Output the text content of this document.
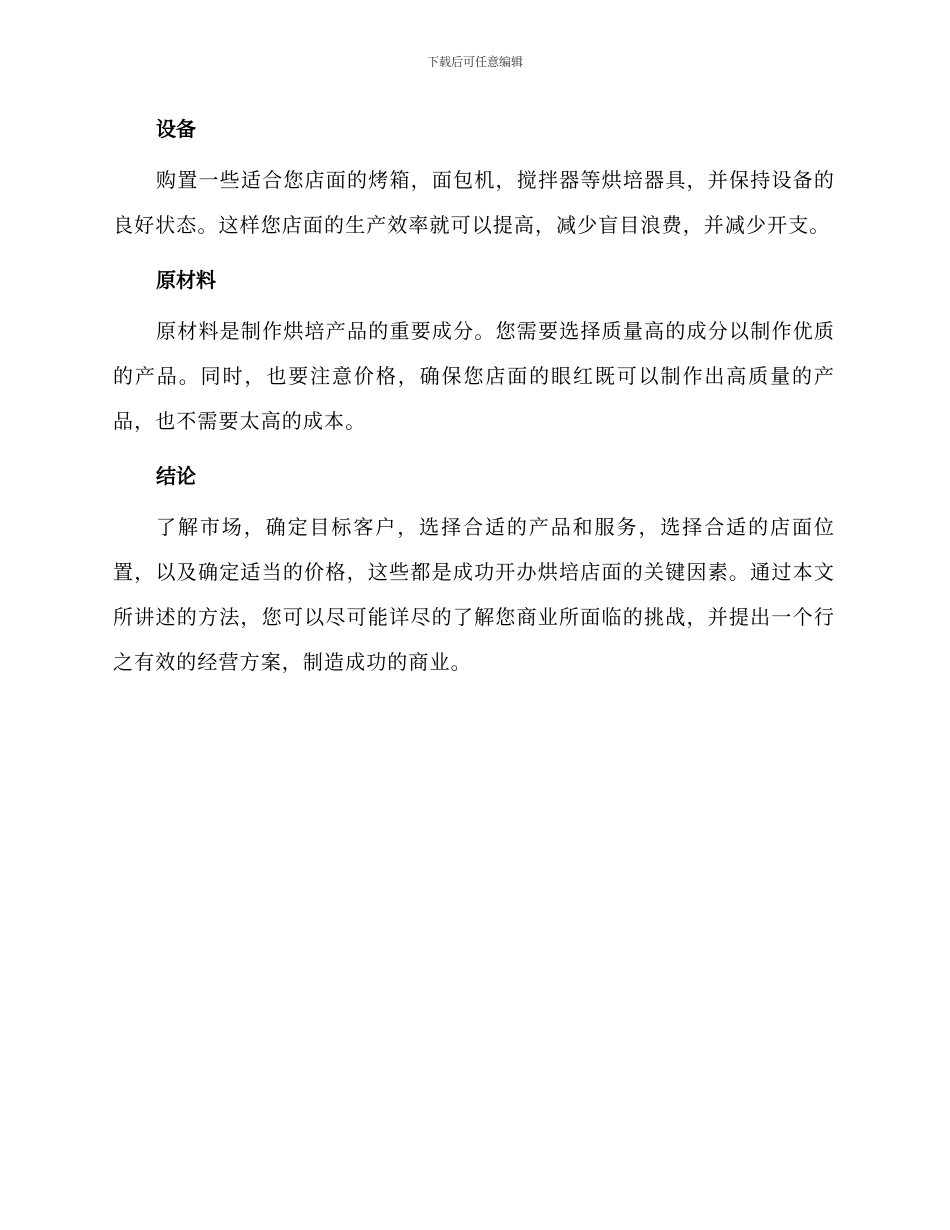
下载后可任意编辑
设备

购置一些适合您店面的烤箱，面包机，搅拌器等烘培器具，并保持设备的良好状态。这样您店面的生产效率就可以提高，减少盲目浪费，并减少开支。

原材料

原材料是制作烘培产品的重要成分。您需要选择质量高的成分以制作优质的产品。同时，也要注意价格，确保您店面的眼红既可以制作出高质量的产品，也不需要太高的成本。

结论

了解市场，确定目标客户，选择合适的产品和服务，选择合适的店面位置，以及确定适当的价格，这些都是成功开办烘培店面的关键因素。通过本文所讲述的方法，您可以尽可能详尽的了解您商业所面临的挑战，并提出一个行之有效的经营方案，制造成功的商业。
